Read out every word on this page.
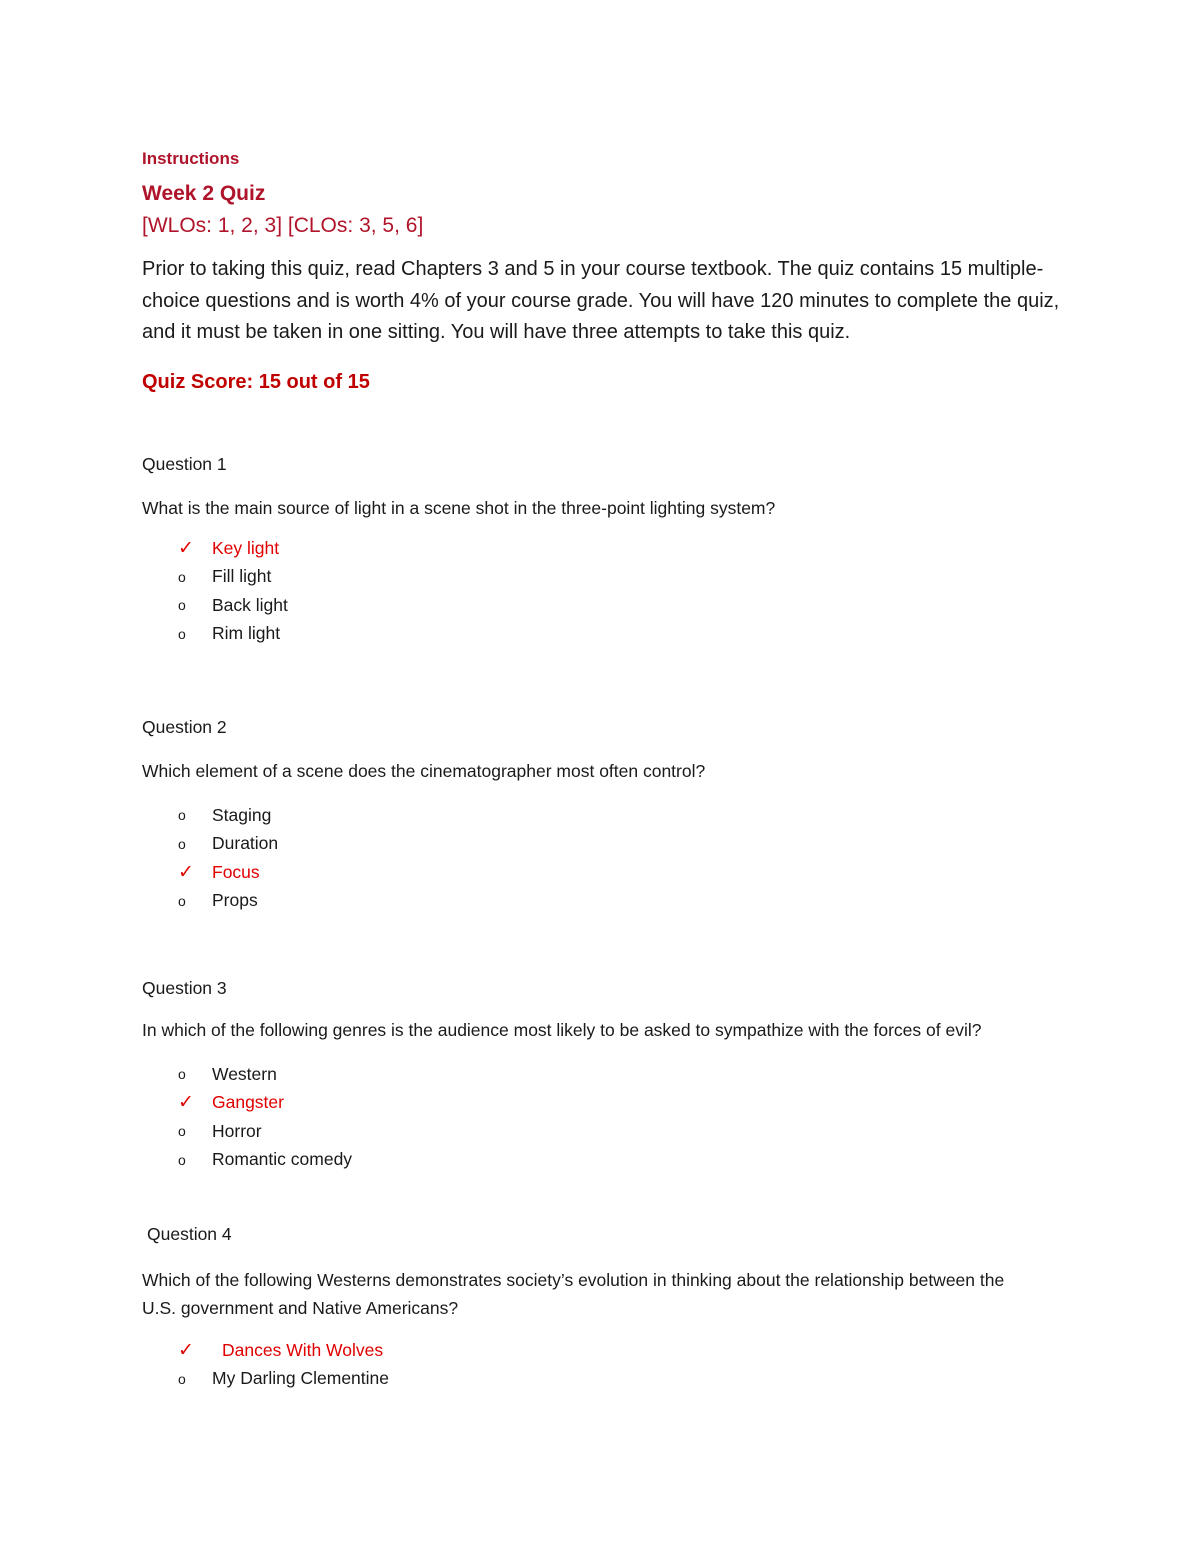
Instructions

Week 2 Quiz

[WLOs: 1, 2, 3] [CLOs: 3, 5, 6]

Prior to taking this quiz, read Chapters 3 and 5 in your course textbook. The quiz contains 15 multiple-choice questions and is worth 4% of your course grade. You will have 120 minutes to complete the quiz, and it must be taken in one sitting. You will have three attempts to take this quiz.

Quiz Score: 15 out of 15

Question 1

What is the main source of light in a scene shot in the three-point lighting system?

✓	Key light
o	Fill light
o	Back light
o	Rim light

Question 2

Which element of a scene does the cinematographer most often control?

o	Staging
o	Duration
✓	Focus
o	Props

Question 3

In which of the following genres is the audience most likely to be asked to sympathize with the forces of evil?

o	Western
✓	Gangster
o	Horror
o	Romantic comedy

Question 4

Which of the following Westerns demonstrates society’s evolution in thinking about the relationship between the U.S. government and Native Americans?

✓	Dances With Wolves
o	My Darling Clementine
